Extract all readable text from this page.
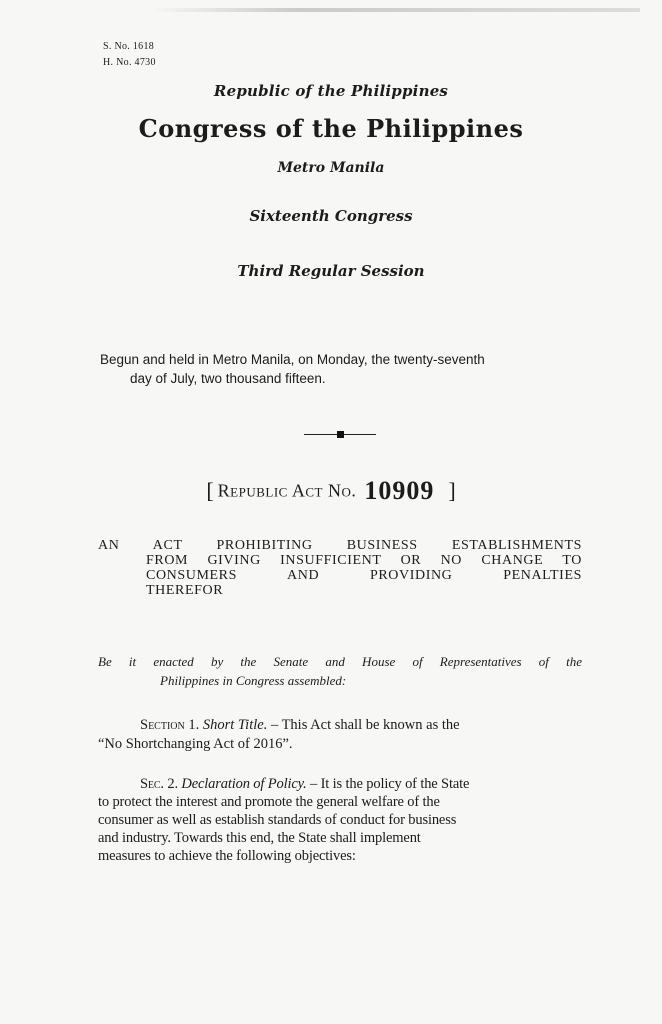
S. No. 1618
H. No. 4730
Republic of the Philippines
Congress of the Philippines
Metro Manila
Sixteenth Congress
Third Regular Session
Begun and held in Metro Manila, on Monday, the twenty-seventh
day of July, two thousand fifteen.
[ Republic Act No. 10909 ]
AN ACT PROHIBITING BUSINESS ESTABLISHMENTS
FROM GIVING INSUFFICIENT OR NO CHANGE TO
CONSUMERS AND PROVIDING PENALTIES
THEREFOR
Be it enacted by the Senate and House of Representatives of the
Philippines in Congress assembled:
Section 1. Short Title. – This Act shall be known as the
“No Shortchanging Act of 2016”.
Sec. 2. Declaration of Policy. – It is the policy of the State
to protect the interest and promote the general welfare of the
consumer as well as establish standards of conduct for business
and industry. Towards this end, the State shall implement
measures to achieve the following objectives:
